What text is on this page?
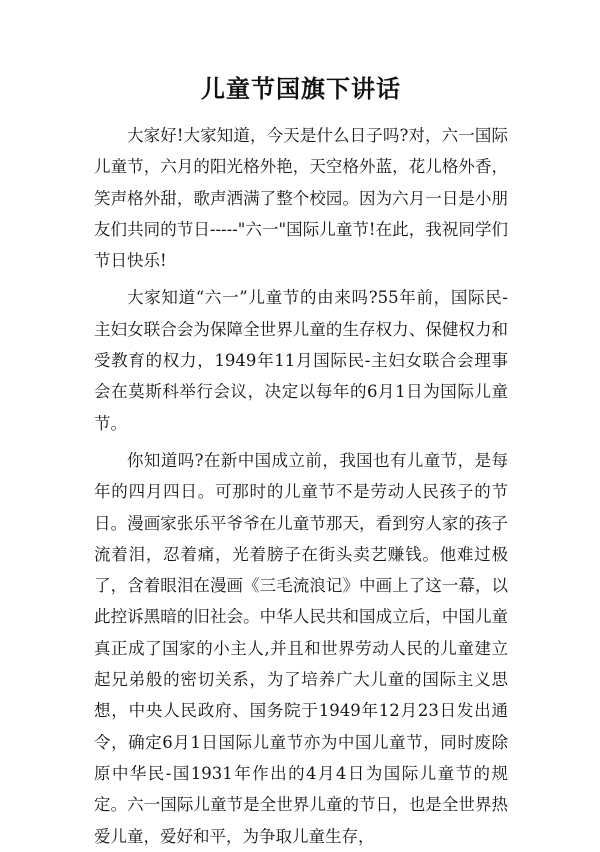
儿童节国旗下讲话

大家好!大家知道，今天是什么日子吗?对，六一国际儿童节，六月的阳光格外艳，天空格外蓝，花儿格外香，笑声格外甜，歌声洒满了整个校园。因为六月一日是小朋友们共同的节日-----"六一"国际儿童节!在此，我祝同学们节日快乐!

大家知道“六一”儿童节的由来吗?55年前，国际民-主妇女联合会为保障全世界儿童的生存权力、保健权力和受教育的权力，1949年11月国际民-主妇女联合会理事会在莫斯科举行会议，决定以每年的6月1日为国际儿童节。

你知道吗?在新中国成立前，我国也有儿童节，是每年的四月四日。可那时的儿童节不是劳动人民孩子的节日。漫画家张乐平爷爷在儿童节那天，看到穷人家的孩子流着泪，忍着痛，光着膀子在街头卖艺赚钱。他难过极了，含着眼泪在漫画《三毛流浪记》中画上了这一幕，以此控诉黑暗的旧社会。中华人民共和国成立后，中国儿童真正成了国家的小主人,并且和世界劳动人民的儿童建立起兄弟般的密切关系，为了培养广大儿童的国际主义思想，中央人民政府、国务院于1949年12月23日发出通令，确定6月1日国际儿童节亦为中国儿童节，同时废除原中华民-国1931年作出的4月4日为国际儿童节的规定。六一国际儿童节是全世界儿童的节日，也是全世界热爱儿童，爱好和平，为争取儿童生存，
